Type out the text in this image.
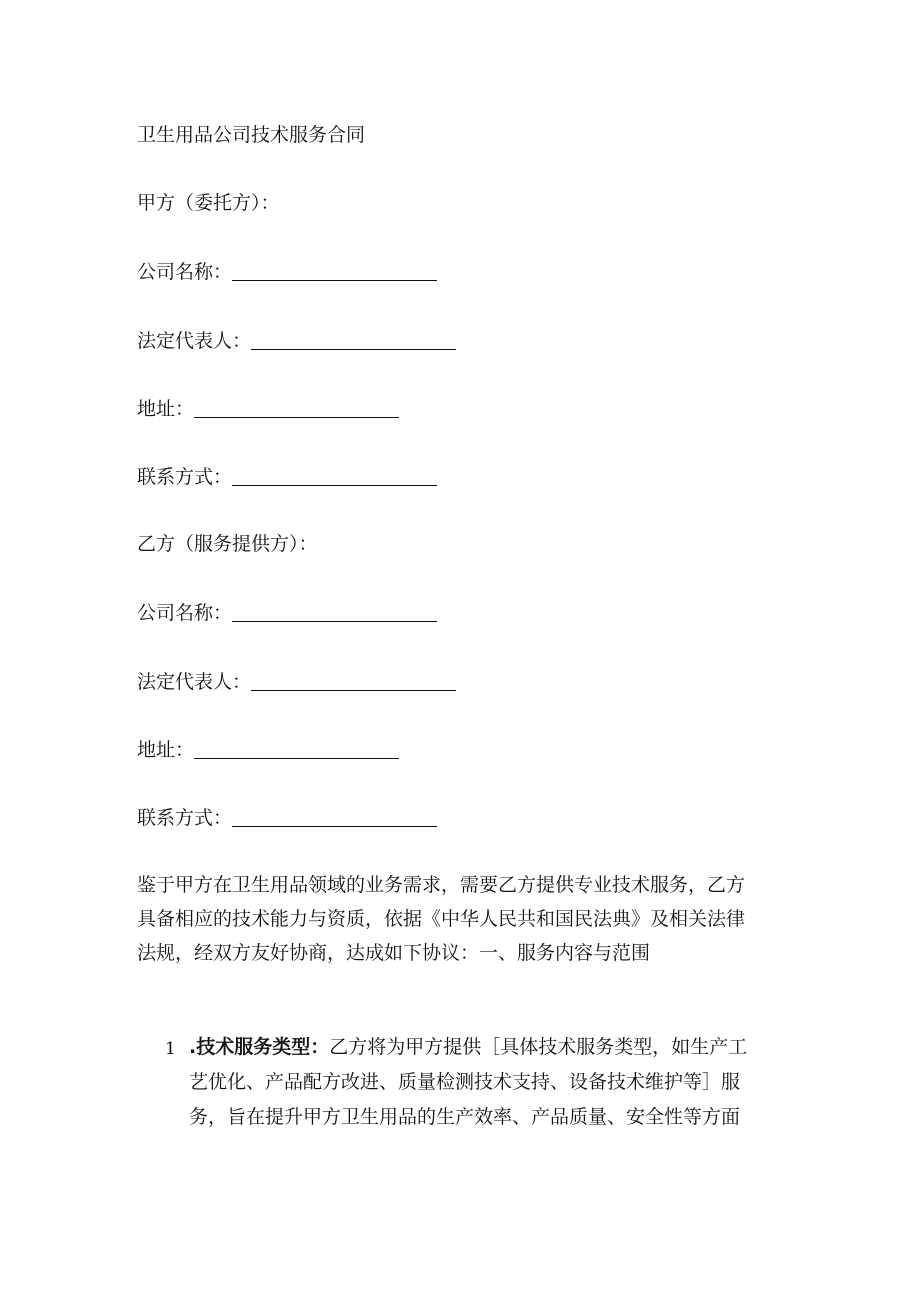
卫生用品公司技术服务合同
甲方（委托方）：
公司名称：
法定代表人：
地址：
联系方式：
乙方（服务提供方）：
公司名称：
法定代表人：
地址：
联系方式：
鉴于甲方在卫生用品领域的业务需求，需要乙方提供专业技术服务，乙方
具备相应的技术能力与资质，依据《中华人民共和国民法典》及相关法律
法规，经双方友好协商，达成如下协议：一、服务内容与范围
1 .技术服务类型：乙方将为甲方提供［具体技术服务类型，如生产工
艺优化、产品配方改进、质量检测技术支持、设备技术维护等］服
务，旨在提升甲方卫生用品的生产效率、产品质量、安全性等方面
